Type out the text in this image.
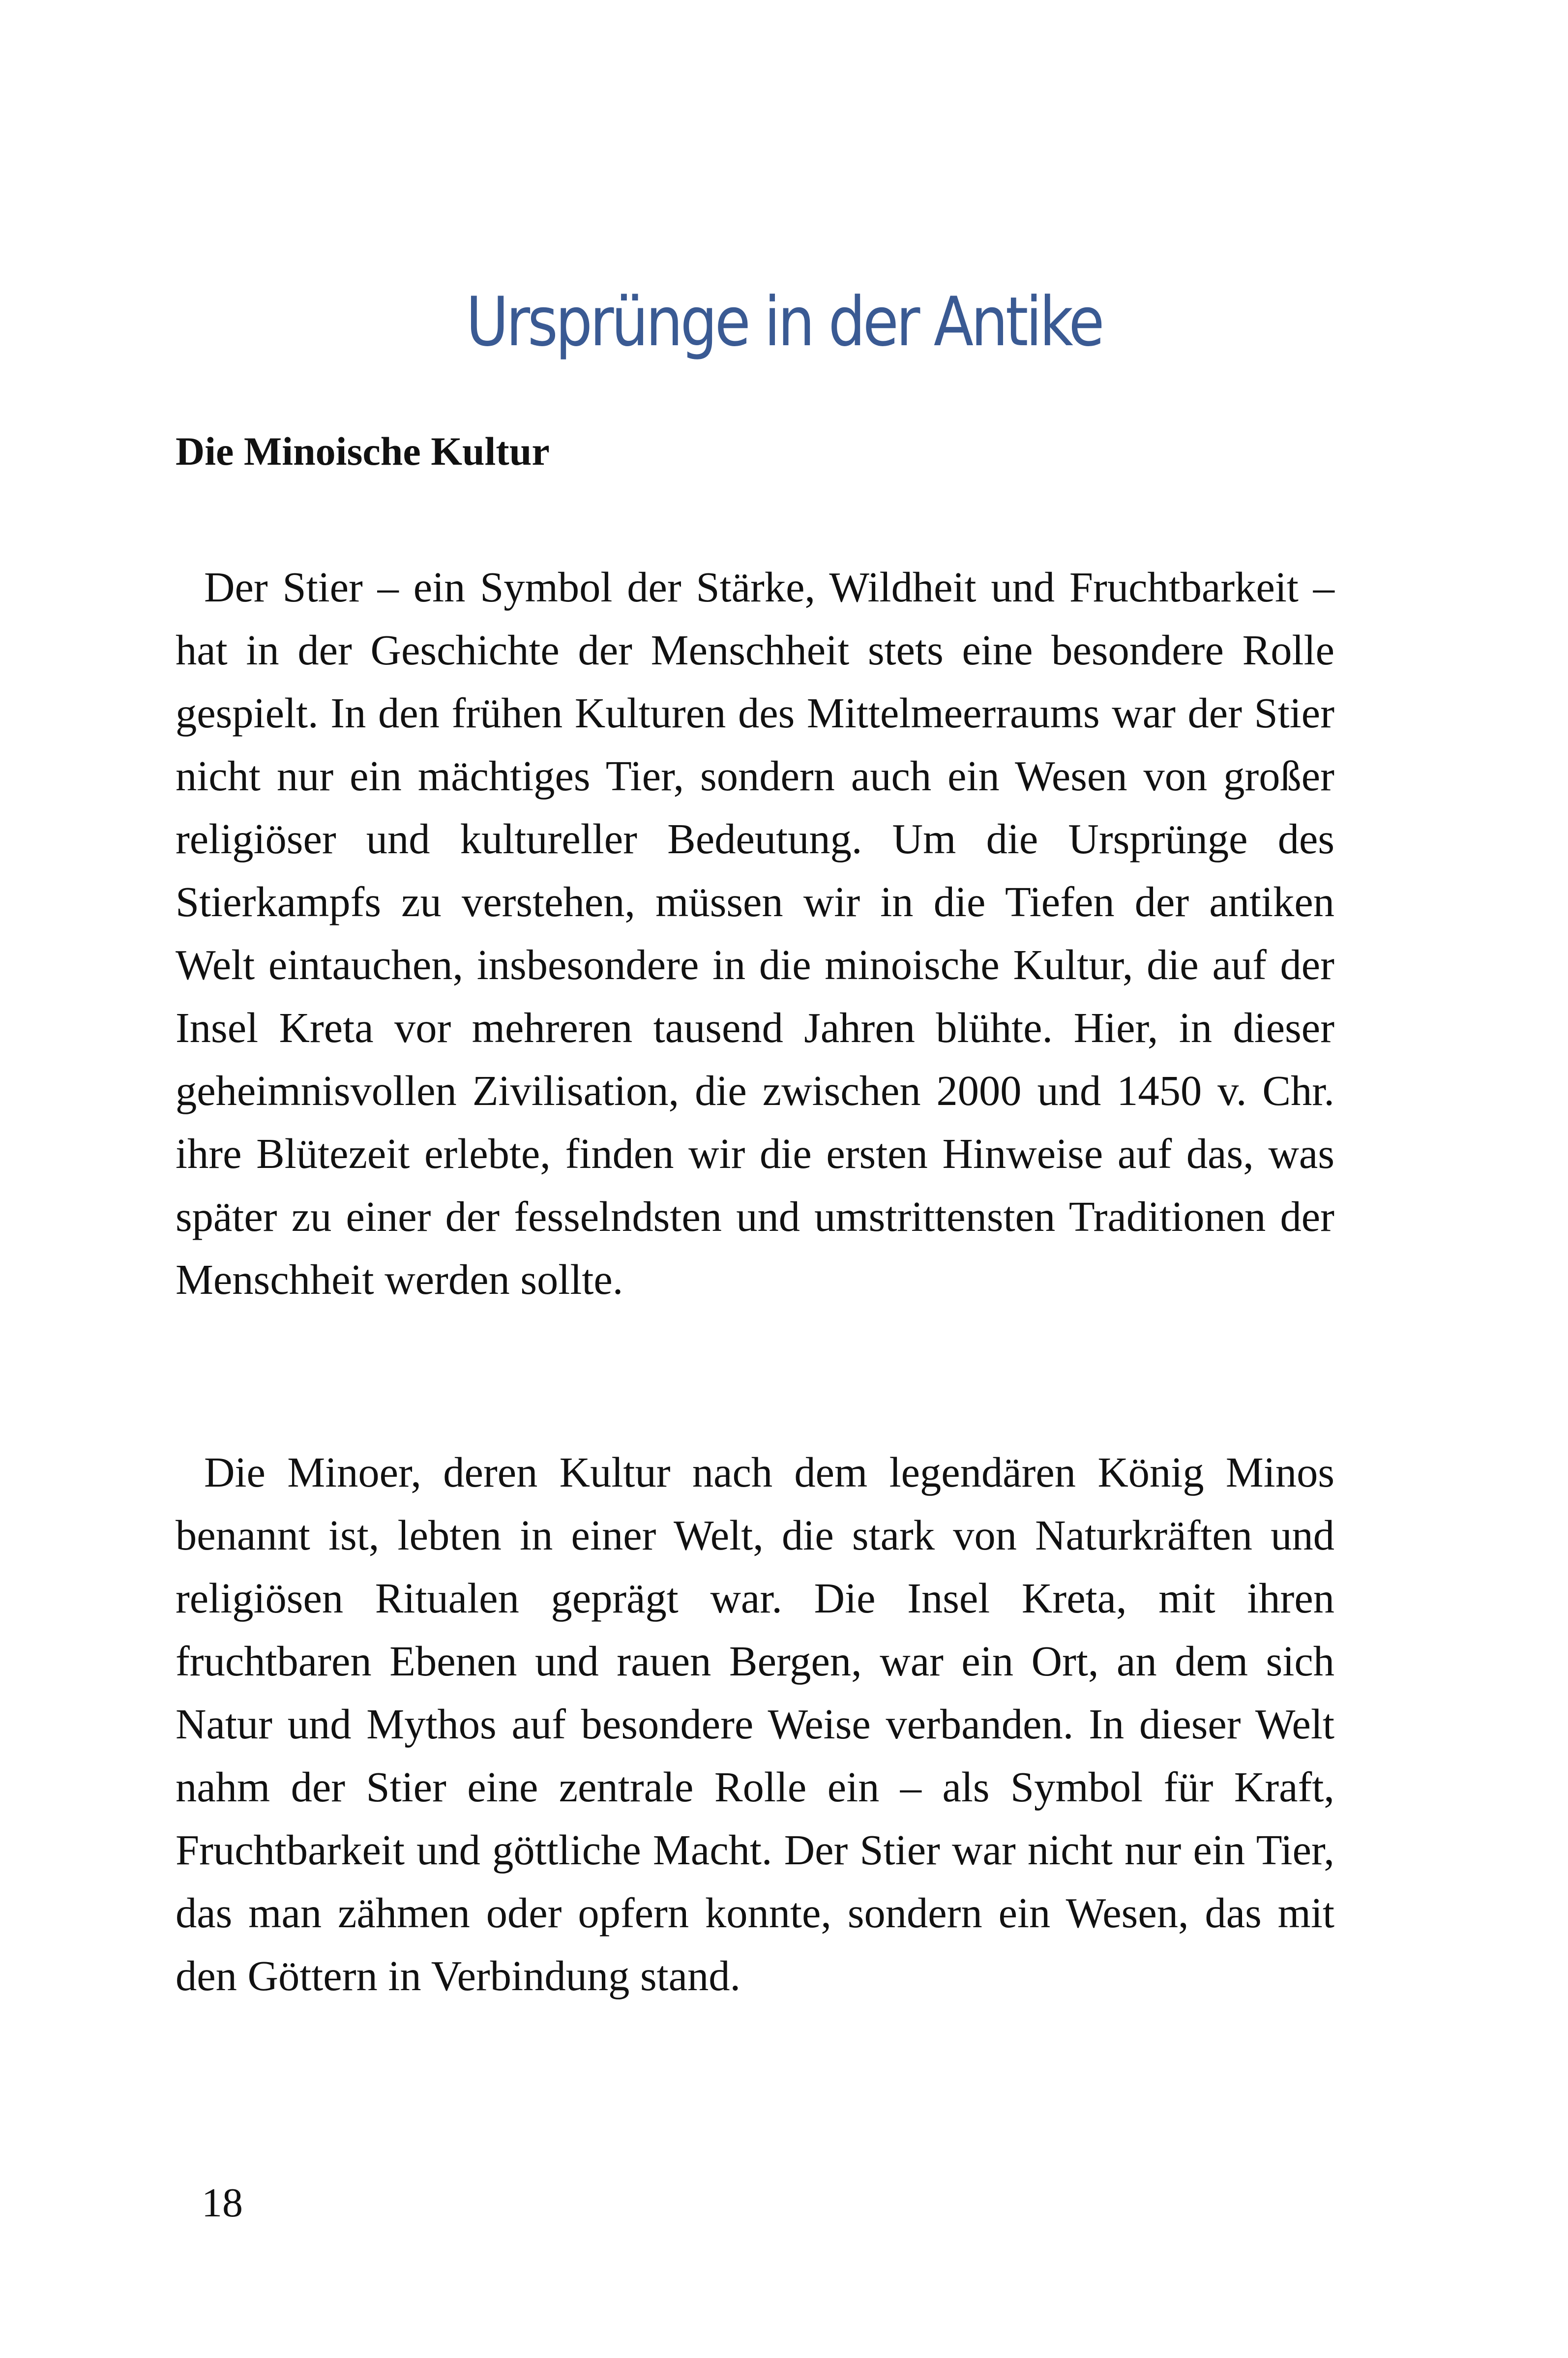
Ursprünge in der Antike
Die Minoische Kultur

Der Stier – ein Symbol der Stärke, Wildheit und Fruchtbarkeit – hat in der Geschichte der Menschheit stets eine besondere Rolle gespielt. In den frühen Kulturen des Mittelmeerraums war der Stier nicht nur ein mächtiges Tier, sondern auch ein Wesen von großer religiöser und kultureller Bedeutung. Um die Ursprünge des Stierkampfs zu verstehen, müssen wir in die Tiefen der antiken Welt eintauchen, insbesondere in die minoische Kultur, die auf der Insel Kreta vor mehreren tausend Jahren blühte. Hier, in dieser geheimnisvollen Zivilisation, die zwischen 2000 und 1450 v. Chr. ihre Blütezeit erlebte, finden wir die ersten Hinweise auf das, was später zu einer der fesselndsten und umstrittensten Traditionen der Menschheit werden sollte.

Die Minoer, deren Kultur nach dem legendären König Minos benannt ist, lebten in einer Welt, die stark von Naturkräften und religiösen Ritualen geprägt war. Die Insel Kreta, mit ihren fruchtbaren Ebenen und rauen Bergen, war ein Ort, an dem sich Natur und Mythos auf besondere Weise verbanden. In dieser Welt nahm der Stier eine zentrale Rolle ein – als Symbol für Kraft, Fruchtbarkeit und göttliche Macht. Der Stier war nicht nur ein Tier, das man zähmen oder opfern konnte, sondern ein Wesen, das mit den Göttern in Verbindung stand.

18
